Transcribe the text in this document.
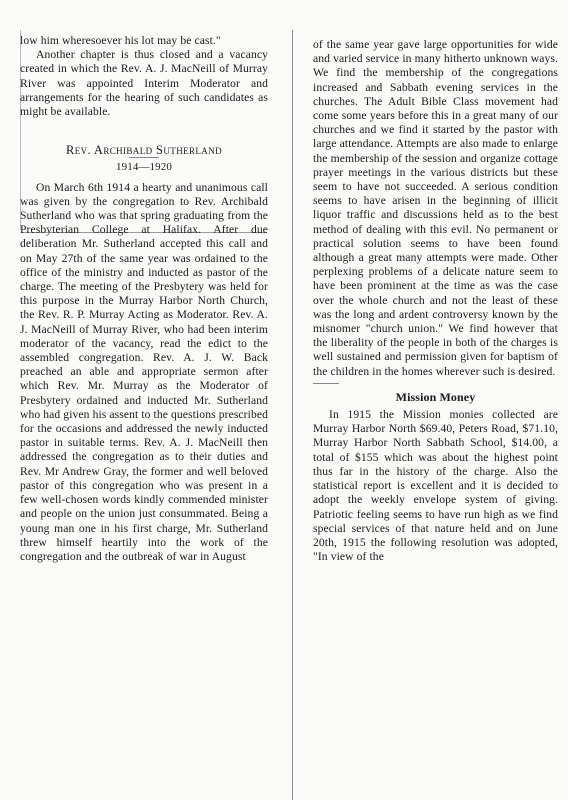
low him wheresoever his lot may be cast."

Another chapter is thus closed and a vacancy created in which the Rev. A. J. MacNeill of Murray River was appointed Interim Moderator and arrangements for the hearing of such candidates as might be available.

Rev. Archibald Sutherland

1914—1920

On March 6th 1914 a hearty and unanimous call was given by the congregation to Rev. Archibald Sutherland who was that spring graduating from the Presbyterian College at Halifax. After due deliberation Mr. Sutherland accepted this call and on May 27th of the same year was ordained to the office of the ministry and inducted as pastor of the charge. The meeting of the Presbytery was held for this purpose in the Murray Harbor North Church, the Rev. R. P. Murray Acting as Moderator. Rev. A. J. MacNeill of Murray River, who had been interim moderator of the vacancy, read the edict to the assembled congregation. Rev. A. J. W. Back preached an able and appropriate sermon after which Rev. Mr. Murray as the Moderator of Presbytery ordained and inducted Mr. Sutherland who had given his assent to the questions prescribed for the occasions and addressed the newly inducted pastor in suitable terms. Rev. A. J. MacNeill then addressed the congregation as to their duties and Rev. Mr Andrew Gray, the former and well beloved pastor of this congregation who was present in a few well-chosen words kindly commended minister and people on the union just consummated. Being a young man one in his first charge, Mr. Sutherland threw himself heartily into the work of the congregation and the outbreak of war in August

of the same year gave large opportunities for wide and varied service in many hitherto unknown ways. We find the membership of the congregations increased and Sabbath evening services in the churches. The Adult Bible Class movement had come some years before this in a great many of our churches and we find it started by the pastor with large attendance. Attempts are also made to enlarge the membership of the session and organize cottage prayer meetings in the various districts but these seem to have not succeeded. A serious condition seems to have arisen in the beginning of illicit liquor traffic and discussions held as to the best method of dealing with this evil. No permanent or practical solution seems to have been found although a great many attempts were made. Other perplexing problems of a delicate nature seem to have been prominent at the time as was the case over the whole church and not the least of these was the long and ardent controversy known by the misnomer "church union." We find however that the liberality of the people in both of the charges is well sustained and permission given for baptism of the children in the homes wherever such is desired.

Mission Money

In 1915 the Mission monies collected are Murray Harbor North $69.40, Peters Road, $71.10, Murray Harbor North Sabbath School, $14.00, a total of $155 which was about the highest point thus far in the history of the charge. Also the statistical report is excellent and it is decided to adopt the weekly envelope system of giving. Patriotic feeling seems to have run high as we find special services of that nature held and on June 20th, 1915 the following resolution was adopted, "In view of the
